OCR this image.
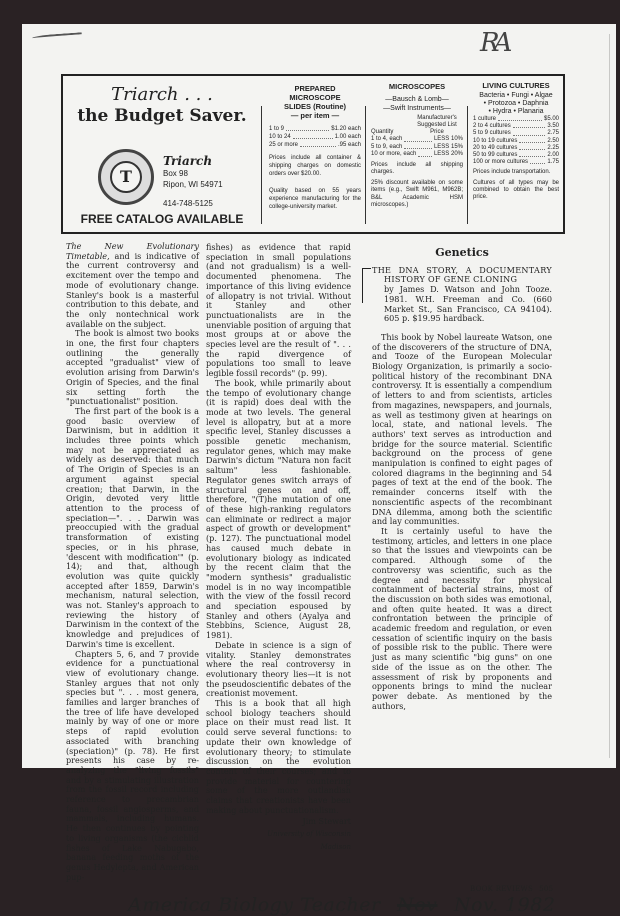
RA
Triarch . . .
the Budget Saver.
T
Triarch
Box 98
Ripon, WI 54971
414-748-5125
FREE CATALOG AVAILABLE
PREPARED
MICROSCOPE
SLIDES (Routine)
— per item —
1 to 9	$1.20 each
10 to 24	1.00 each
25 or more	.95 each

Prices include all container & shipping charges on domestic orders over $20.00.

Quality based on 55 years experience manufacturing for the college-university market.

MICROSCOPES
—Bausch & Lomb—
—Swift Instruments—
Quantity
Manufacturer's Suggested List Price
1 to 4, each	LESS 10%
5 to 9, each	LESS 15%
10 or more, each	LESS 20%

Prices include all shipping charges.

25% discount available on some items (e.g., Swift M961, M962B; B&L Academic HSM microscopes.)

LIVING CULTURES
Bacteria • Fungi • Algae
• Protozoa • Daphnia
• Hydra • Planaria
1 culture	$5.00
2 to 4 cultures	3.50
5 to 9 cultures	2.75
10 to 19 cultures	2.50
20 to 49 cultures	2.25
50 to 99 cultures	2.00
100 or more cultures	1.75

Prices include transportation.

Cultures of all types may be combined to obtain the best price.

The New Evolutionary Timetable, and is indicative of the current controversy and excitement over the tempo and mode of evolutionary change. Stanley's book is a masterful contribution to this debate, and the only nontechnical work available on the subject.

The book is almost two books in one, the first four chapters outlining the generally accepted "gradualist" view of evolution arising from Darwin's Origin of Species, and the final six setting forth the "punctuationalist" position.

The first part of the book is a good basic overview of Darwinism, but in addition it includes three points which may not be appreciated as widely as deserved: that much of The Origin of Species is an argument against special creation; that Darwin, in the Origin, devoted very little attention to the process of speciation—". . . Darwin was preoccupied with the gradual transformation of existing species, or in his phrase, 'descent with modification'" (p. 14); and that, although evolution was quite quickly accepted after 1859, Darwin's mechanism, natural selection, was not. Stanley's approach to reviewing the history of Darwinism in the context of the knowledge and prejudices of Darwin's time is excellent.

Chapters 5, 6, and 7 provide evidence for a punctuational view of evolutionary change. Stanley argues that not only species but ". . . most genera, families and larger branches of the tree of life have developed mainly by way of one or more steps of rapid evolution associated with branching (speciation)" (p. 78). He first presents his case by re-analyzing the "living fossils" and by a stimulating illustration from the fossil record including reference to precambrian fauna, fossil angiosperms, and mammals, including humans. He then continues by pointing to living organisms (the cichlid fishes of Lake Nabugabo, banana feeding moths of the genus Hedylepta, and American pup-

fishes) as evidence that rapid speciation in small populations (and not gradualism) is a well-documented phenomena. The importance of this living evidence of allopatry is not trivial. Without it Stanley and other punctuationalists are in the unenviable position of arguing that most groups at or above the species level are the result of ". . . the rapid divergence of populations too small to leave legible fossil records" (p. 99).

The book, while primarily about the tempo of evolutionary change (it is rapid) does deal with the mode at two levels. The general level is allopatry, but at a more specific level, Stanley discusses a possible genetic mechanism, regulator genes, which may make Darwin's dictum "Natura non facit saltum" less fashionable. Regulator genes switch arrays of structural genes on and off, therefore, "(T)he mutation of one of these high-ranking regulators can eliminate or redirect a major aspect of growth or development" (p. 127). The punctuational model has caused much debate in evolutionary biology as indicated by the recent claim that the "modern synthesis" gradualistic model is in no way incompatible with the view of the fossil record and speciation espoused by Stanley and others (Ayalya and Stebbins, Science, August 28, 1981).

Debate in science is a sign of vitality. Stanley demonstrates where the real controversy in evolutionary theory lies—it is not the pseudoscientific debates of the creationist movement.

This is a book that all high school biology teachers should place on their must read list. It could serve several functions: to update their own knowledge of evolutionary theory; to stimulate discussion on the evolution content of their courses; and to provide material for countering some of the more outlandish claims that creationists have been making about punctuationalism.

Jim Stewart
University of Wisconsin
Madison
Genetics

THE DNA STORY, A DOCUMENTARY HISTORY OF GENE CLONING
by James D. Watson and John Tooze. 1981. W.H. Freeman and Co. (660 Market St., San Francisco, CA 94104). 605 p. $19.95 hardback.

This book by Nobel laureate Watson, one of the discoverers of the structure of DNA, and Tooze of the European Molecular Biology Organization, is primarily a socio-political history of the recombinant DNA controversy. It is essentially a compendium of letters to and from scientists, articles from magazines, newspapers, and journals, as well as testimony given at hearings on local, state, and national levels. The authors' text serves as introduction and bridge for the source material. Scientific background on the process of gene manipulation is confined to eight pages of colored diagrams in the beginning and 54 pages of text at the end of the book. The remainder concerns itself with the nonscientific aspects of the recombinant DNA dilemma, among both the scientific and lay communities.

It is certainly useful to have the testimony, articles, and letters in one place so that the issues and viewpoints can be compared. Although some of the controversy was scientific, such as the degree and necessity for physical containment of bacterial strains, most of the discussion on both sides was emotional, and often quite heated. It was a direct confrontation between the principle of academic freedom and regulation, or even cessation of scientific inquiry on the basis of possible risk to the public. There were just as many scientific "big guns" on one side of the issue as on the other. The assessment of risk by proponents and opponents brings to mind the nuclear power debate. As mentioned by the authors,

BOOK REVIEWS 505
America Biology Teacher Nov Nov. 1982
